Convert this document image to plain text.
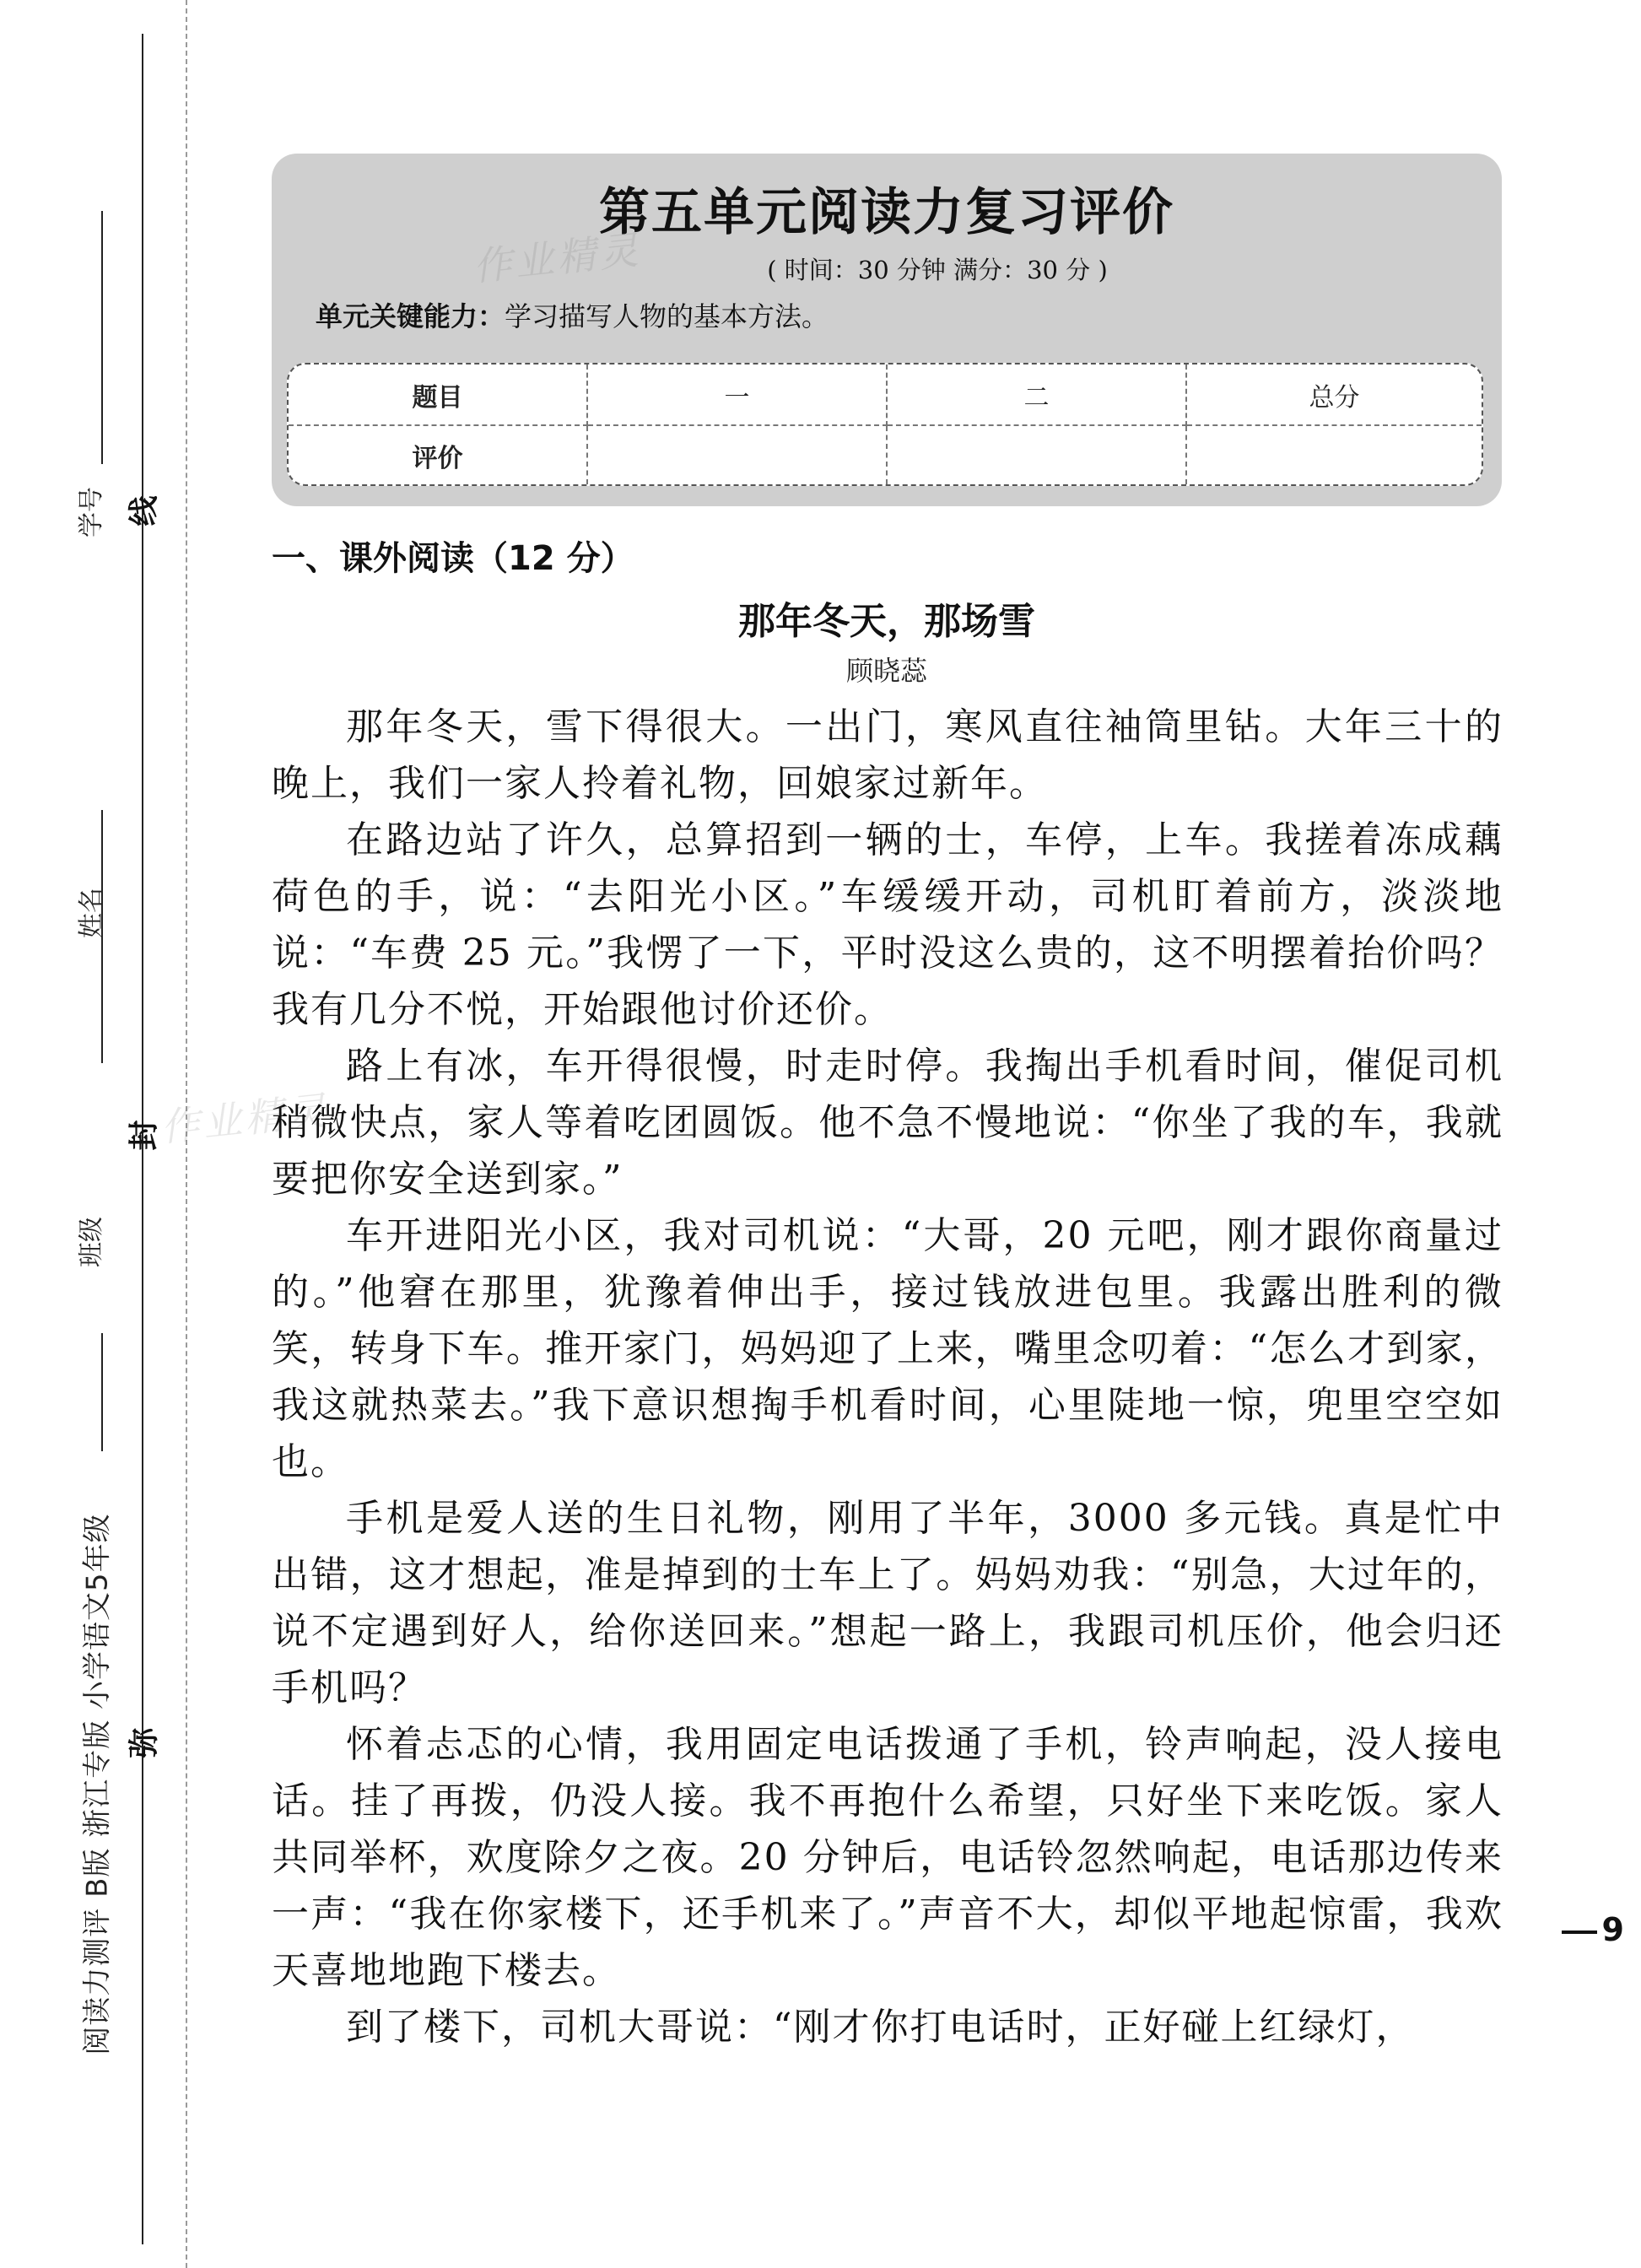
学号
姓名
班级
线
封
弥
阅读力测评 B版 浙江专版 小学语文5年级
第五单元阅读力复习评价
( 时间：30 分钟 满分：30 分 )
单元关键能力：学习描写人物的基本方法。
题目	一	二	总分
评价
作业精灵
作业精灵
一、课外阅读（12 分）
那年冬天，那场雪
顾晓蕊

那年冬天，雪下得很大。一出门，寒风直往袖筒里钻。大年三十的晚上，我们一家人拎着礼物，回娘家过新年。

在路边站了许久，总算招到一辆的士，车停，上车。我搓着冻成藕荷色的手，说：“去阳光小区。”车缓缓开动，司机盯着前方，淡淡地说：“车费 25 元。”我愣了一下，平时没这么贵的，这不明摆着抬价吗？我有几分不悦，开始跟他讨价还价。

路上有冰，车开得很慢，时走时停。我掏出手机看时间，催促司机稍微快点，家人等着吃团圆饭。他不急不慢地说：“你坐了我的车，我就要把你安全送到家。”

车开进阳光小区，我对司机说：“大哥，20 元吧，刚才跟你商量过的。”他窘在那里，犹豫着伸出手，接过钱放进包里。我露出胜利的微笑，转身下车。推开家门，妈妈迎了上来，嘴里念叨着：“怎么才到家，我这就热菜去。”我下意识想掏手机看时间，心里陡地一惊，兜里空空如也。

手机是爱人送的生日礼物，刚用了半年，3000 多元钱。真是忙中出错，这才想起，准是掉到的士车上了。妈妈劝我：“别急，大过年的，说不定遇到好人，给你送回来。”想起一路上，我跟司机压价，他会归还手机吗？

怀着忐忑的心情，我用固定电话拨通了手机，铃声响起，没人接电话。挂了再拨，仍没人接。我不再抱什么希望，只好坐下来吃饭。家人共同举杯，欢度除夕之夜。20 分钟后，电话铃忽然响起，电话那边传来一声：“我在你家楼下，还手机来了。”声音不大，却似平地起惊雷，我欢天喜地地跑下楼去。

到了楼下，司机大哥说：“刚才你打电话时，正好碰上红绿灯，

9
